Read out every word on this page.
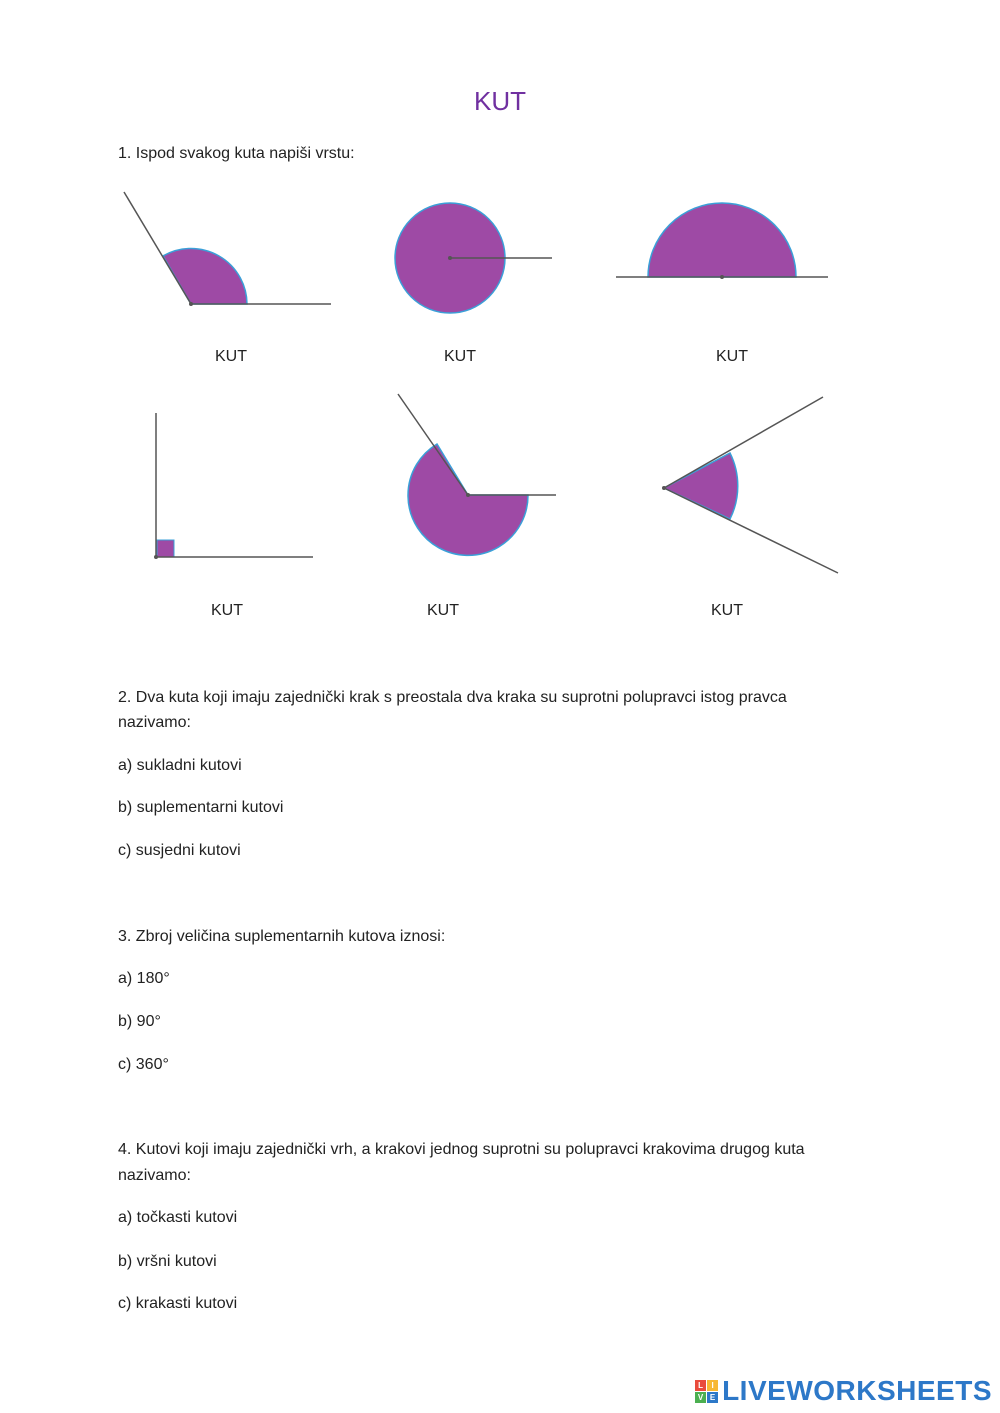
KUT
1. Ispod svakog kuta napiši vrstu:
KUT	KUT	KUT
KUT	KUT	KUT
2. Dva kuta koji imaju zajednički krak s preostala dva kraka su suprotni polupravci istog pravca
nazivamo:
a) sukladni kutovi
b) suplementarni kutovi
c) susjedni kutovi
3. Zbroj veličina suplementarnih kutova iznosi:
a) 180°
b) 90°
c) 360°
4. Kutovi koji imaju zajednički vrh, a krakovi jednog suprotni su polupravci krakovima drugog kuta
nazivamo:
a) točkasti kutovi
b) vršni kutovi
c) krakasti kutovi
L	I
V E LIVEWORKSHEETS
